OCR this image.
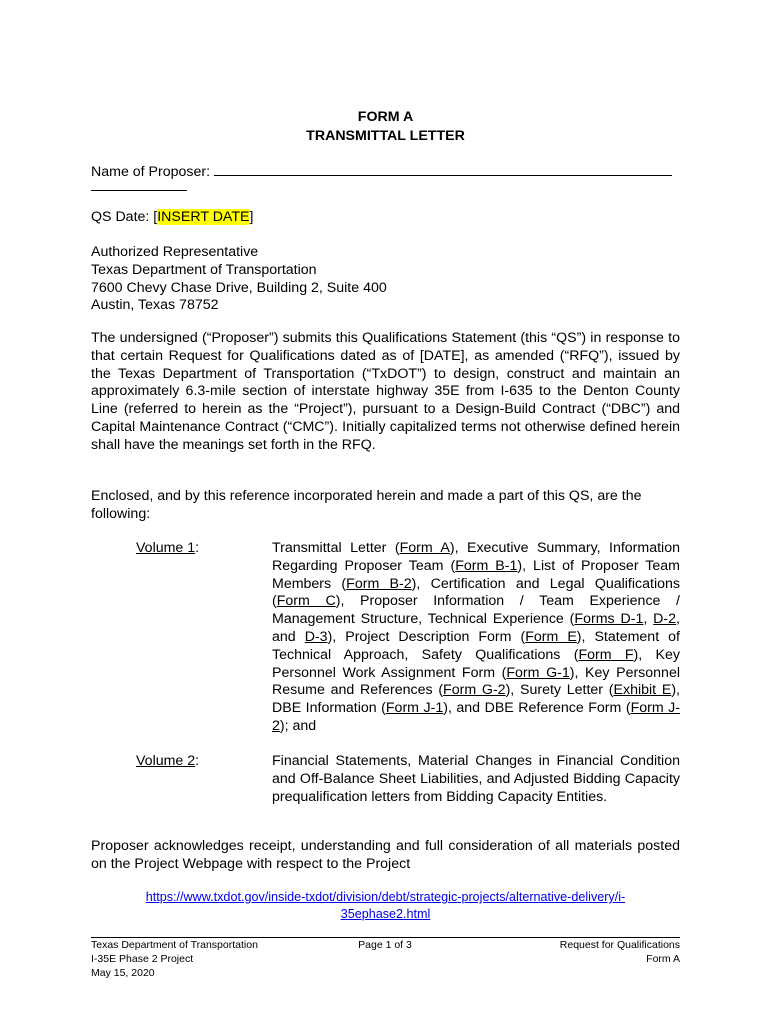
FORM A
TRANSMITTAL LETTER
Name of Proposer:
QS Date: [INSERT DATE]
Authorized Representative
Texas Department of Transportation
7600 Chevy Chase Drive, Building 2, Suite 400
Austin, Texas 78752
The undersigned (“Proposer”) submits this Qualifications Statement (this “QS”) in response to that certain Request for Qualifications dated as of [DATE], as amended (“RFQ”), issued by the Texas Department of Transportation (“TxDOT”) to design, construct and maintain an approximately 6.3-mile section of interstate highway 35E from I-635 to the Denton County Line (referred to herein as the “Project”), pursuant to a Design-Build Contract (“DBC”) and Capital Maintenance Contract (“CMC”). Initially capitalized terms not otherwise defined herein shall have the meanings set forth in the RFQ.
Enclosed, and by this reference incorporated herein and made a part of this QS, are the following:
Volume 1:	Transmittal Letter (Form A), Executive Summary, Information Regarding Proposer Team (Form B-1), List of Proposer Team Members (Form B-2), Certification and Legal Qualifications (Form C), Proposer Information / Team Experience / Management Structure, Technical Experience (Forms D-1, D-2, and D-3), Project Description Form (Form E), Statement of Technical Approach, Safety Qualifications (Form F), Key Personnel Work Assignment Form (Form G-1), Key Personnel Resume and References (Form G-2), Surety Letter (Exhibit E), DBE Information (Form J-1), and DBE Reference Form (Form J-2); and
Volume 2:	Financial Statements, Material Changes in Financial Condition and Off-Balance Sheet Liabilities, and Adjusted Bidding Capacity prequalification letters from Bidding Capacity Entities.
Proposer acknowledges receipt, understanding and full consideration of all materials posted on the Project Webpage with respect to the Project
https://www.txdot.gov/inside-txdot/division/debt/strategic-projects/alternative-delivery/i-
35ephase2.html
Texas Department of Transportation
I-35E Phase 2 Project
May 15, 2020
Page 1 of 3	Request for Qualifications
Form A
